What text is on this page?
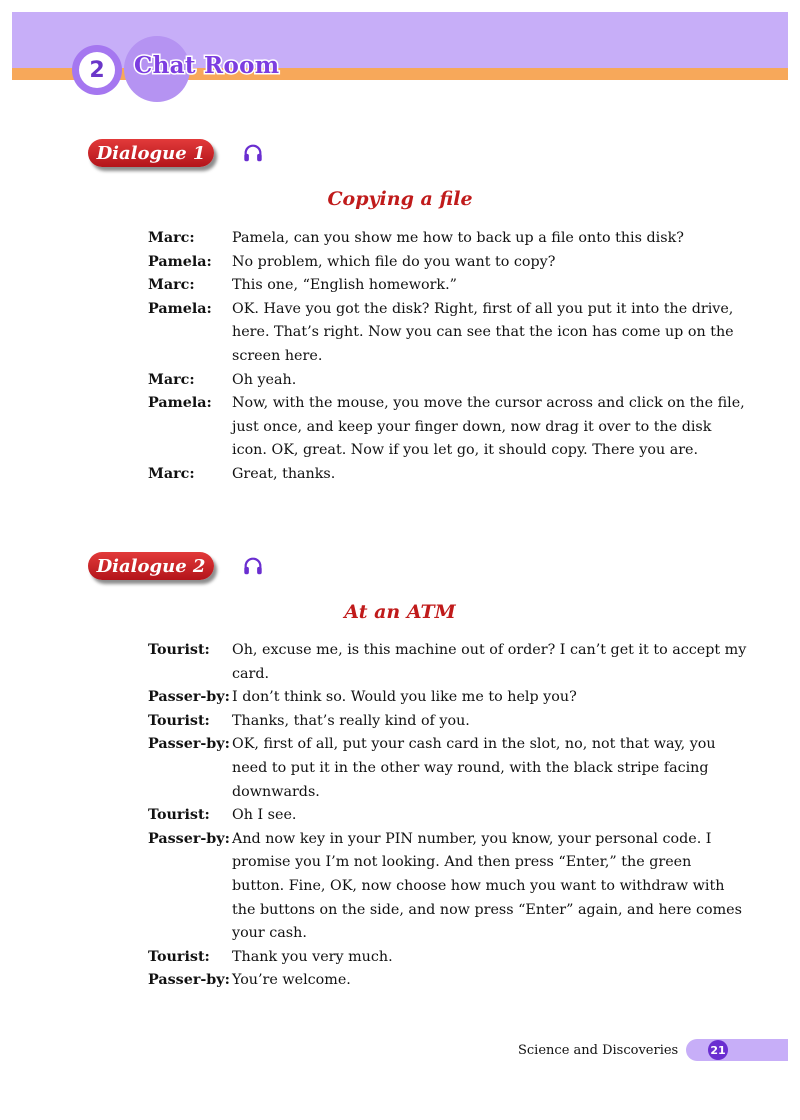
2	Chat Room
Dialogue 1
Copying a file
Marc:	Pamela, can you show me how to back up a file onto this disk?
Pamela:	No problem, which file do you want to copy?
Marc:	This one, “English homework.”
Pamela:	OK. Have you got the disk? Right, first of all you put it into the drive, here. That’s right. Now you can see that the icon has come up on the screen here.
Marc:	Oh yeah.
Pamela:	Now, with the mouse, you move the cursor across and click on the file, just once, and keep your finger down, now drag it over to the disk icon. OK, great. Now if you let go, it should copy. There you are.
Marc:	Great, thanks.
Dialogue 2
At an ATM
Tourist:	Oh, excuse me, is this machine out of order? I can’t get it to accept my card.
Passer-by: I don’t think so. Would you like me to help you?
Tourist:	Thanks, that’s really kind of you.
Passer-by: OK, first of all, put your cash card in the slot, no, not that way, you need to put it in the other way round, with the black stripe facing downwards.
Tourist:	Oh I see.
Passer-by: And now key in your PIN number, you know, your personal code. I promise you I’m not looking. And then press “Enter,” the green button. Fine, OK, now choose how much you want to withdraw with the buttons on the side, and now press “Enter” again, and here comes your cash.
Tourist:	Thank you very much.
Passer-by: You’re welcome.
Science and Discoveries	21
